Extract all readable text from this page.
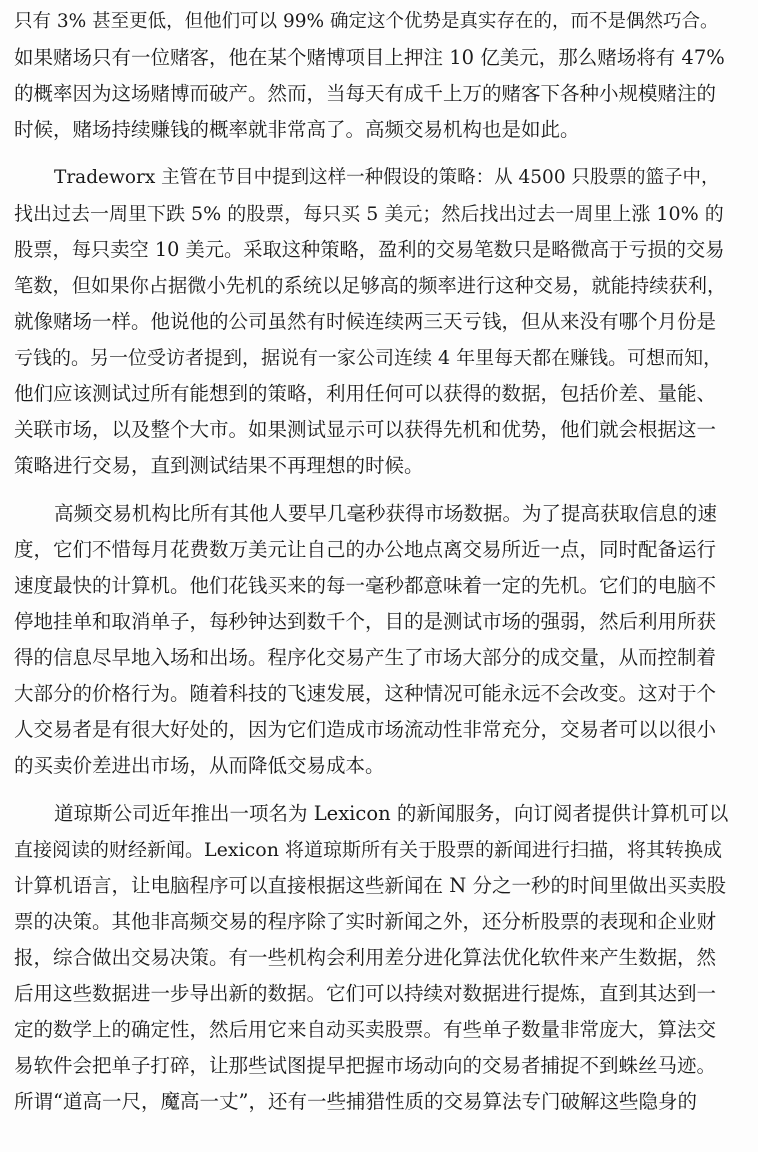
只有 3% 甚至更低，但他们可以 99% 确定这个优势是真实存在的，而不是偶然巧合。
如果赌场只有一位赌客，他在某个赌博项目上押注 10 亿美元，那么赌场将有 47%
的概率因为这场赌博而破产。然而，当每天有成千上万的赌客下各种小规模赌注的
时候，赌场持续赚钱的概率就非常高了。高频交易机构也是如此。
Tradeworx 主管在节目中提到这样一种假设的策略：从 4500 只股票的篮子中，
找出过去一周里下跌 5% 的股票，每只买 5 美元；然后找出过去一周里上涨 10% 的
股票，每只卖空 10 美元。采取这种策略，盈利的交易笔数只是略微高于亏损的交易
笔数，但如果你占据微小先机的系统以足够高的频率进行这种交易，就能持续获利，
就像赌场一样。他说他的公司虽然有时候连续两三天亏钱，但从来没有哪个月份是
亏钱的。另一位受访者提到，据说有一家公司连续 4 年里每天都在赚钱。可想而知，
他们应该测试过所有能想到的策略，利用任何可以获得的数据，包括价差、量能、
关联市场，以及整个大市。如果测试显示可以获得先机和优势，他们就会根据这一
策略进行交易，直到测试结果不再理想的时候。
高频交易机构比所有其他人要早几毫秒获得市场数据。为了提高获取信息的速
度，它们不惜每月花费数万美元让自己的办公地点离交易所近一点，同时配备运行
速度最快的计算机。他们花钱买来的每一毫秒都意味着一定的先机。它们的电脑不
停地挂单和取消单子，每秒钟达到数千个，目的是测试市场的强弱，然后利用所获
得的信息尽早地入场和出场。程序化交易产生了市场大部分的成交量，从而控制着
大部分的价格行为。随着科技的飞速发展，这种情况可能永远不会改变。这对于个
人交易者是有很大好处的，因为它们造成市场流动性非常充分，交易者可以以很小
的买卖价差进出市场，从而降低交易成本。
道琼斯公司近年推出一项名为 Lexicon 的新闻服务，向订阅者提供计算机可以
直接阅读的财经新闻。Lexicon 将道琼斯所有关于股票的新闻进行扫描，将其转换成
计算机语言，让电脑程序可以直接根据这些新闻在 N 分之一秒的时间里做出买卖股
票的决策。其他非高频交易的程序除了实时新闻之外，还分析股票的表现和企业财
报，综合做出交易决策。有一些机构会利用差分进化算法优化软件来产生数据，然
后用这些数据进一步导出新的数据。它们可以持续对数据进行提炼，直到其达到一
定的数学上的确定性，然后用它来自动买卖股票。有些单子数量非常庞大，算法交
易软件会把单子打碎，让那些试图提早把握市场动向的交易者捕捉不到蛛丝马迹。
所谓“道高一尺，魔高一丈”，还有一些捕猎性质的交易算法专门破解这些隐身的
